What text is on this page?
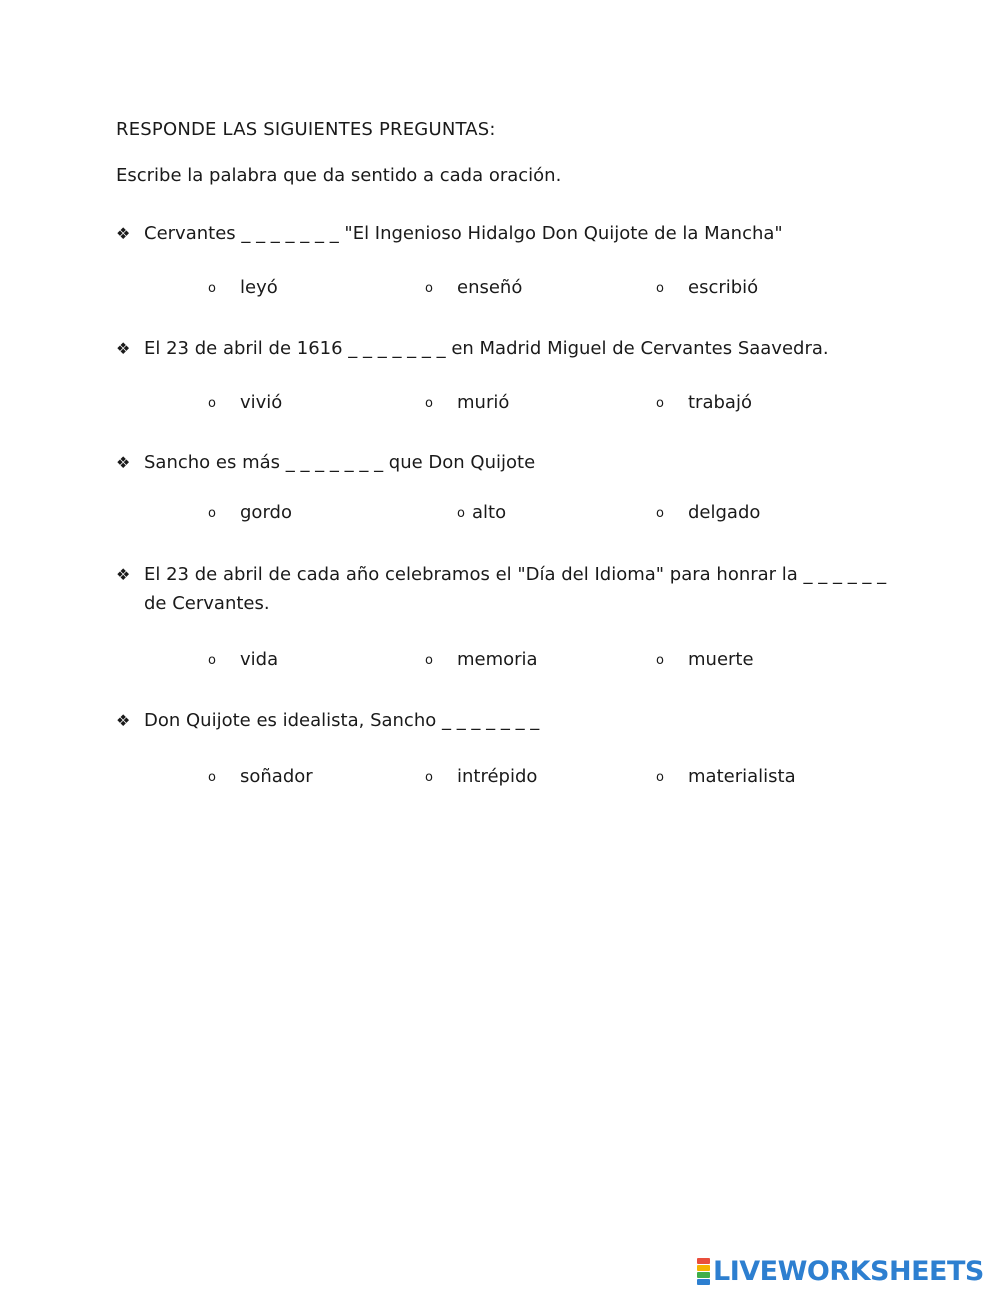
RESPONDE LAS SIGUIENTES PREGUNTAS:
Escribe la palabra que da sentido a cada oración.
❖ Cervantes _ _ _ _ _ _ _ "El Ingenioso Hidalgo Don Quijote de la Mancha"
o leyó	o enseñó	o escribió
❖ El 23 de abril de 1616 _ _ _ _ _ _ _ en Madrid Miguel de Cervantes Saavedra.
o vivió	o murió	o trabajó
❖ Sancho es más _ _ _ _ _ _ _ que Don Quijote
o gordo	o alto	o delgado
❖ El 23 de abril de cada año celebramos el "Día del Idioma" para honrar la _ _ _ _ _ _ de Cervantes.
o vida	o memoria	o muerte
❖ Don Quijote es idealista, Sancho _ _ _ _ _ _ _
o soñador	o intrépido	o materialista
LIVEWORKSHEETS
